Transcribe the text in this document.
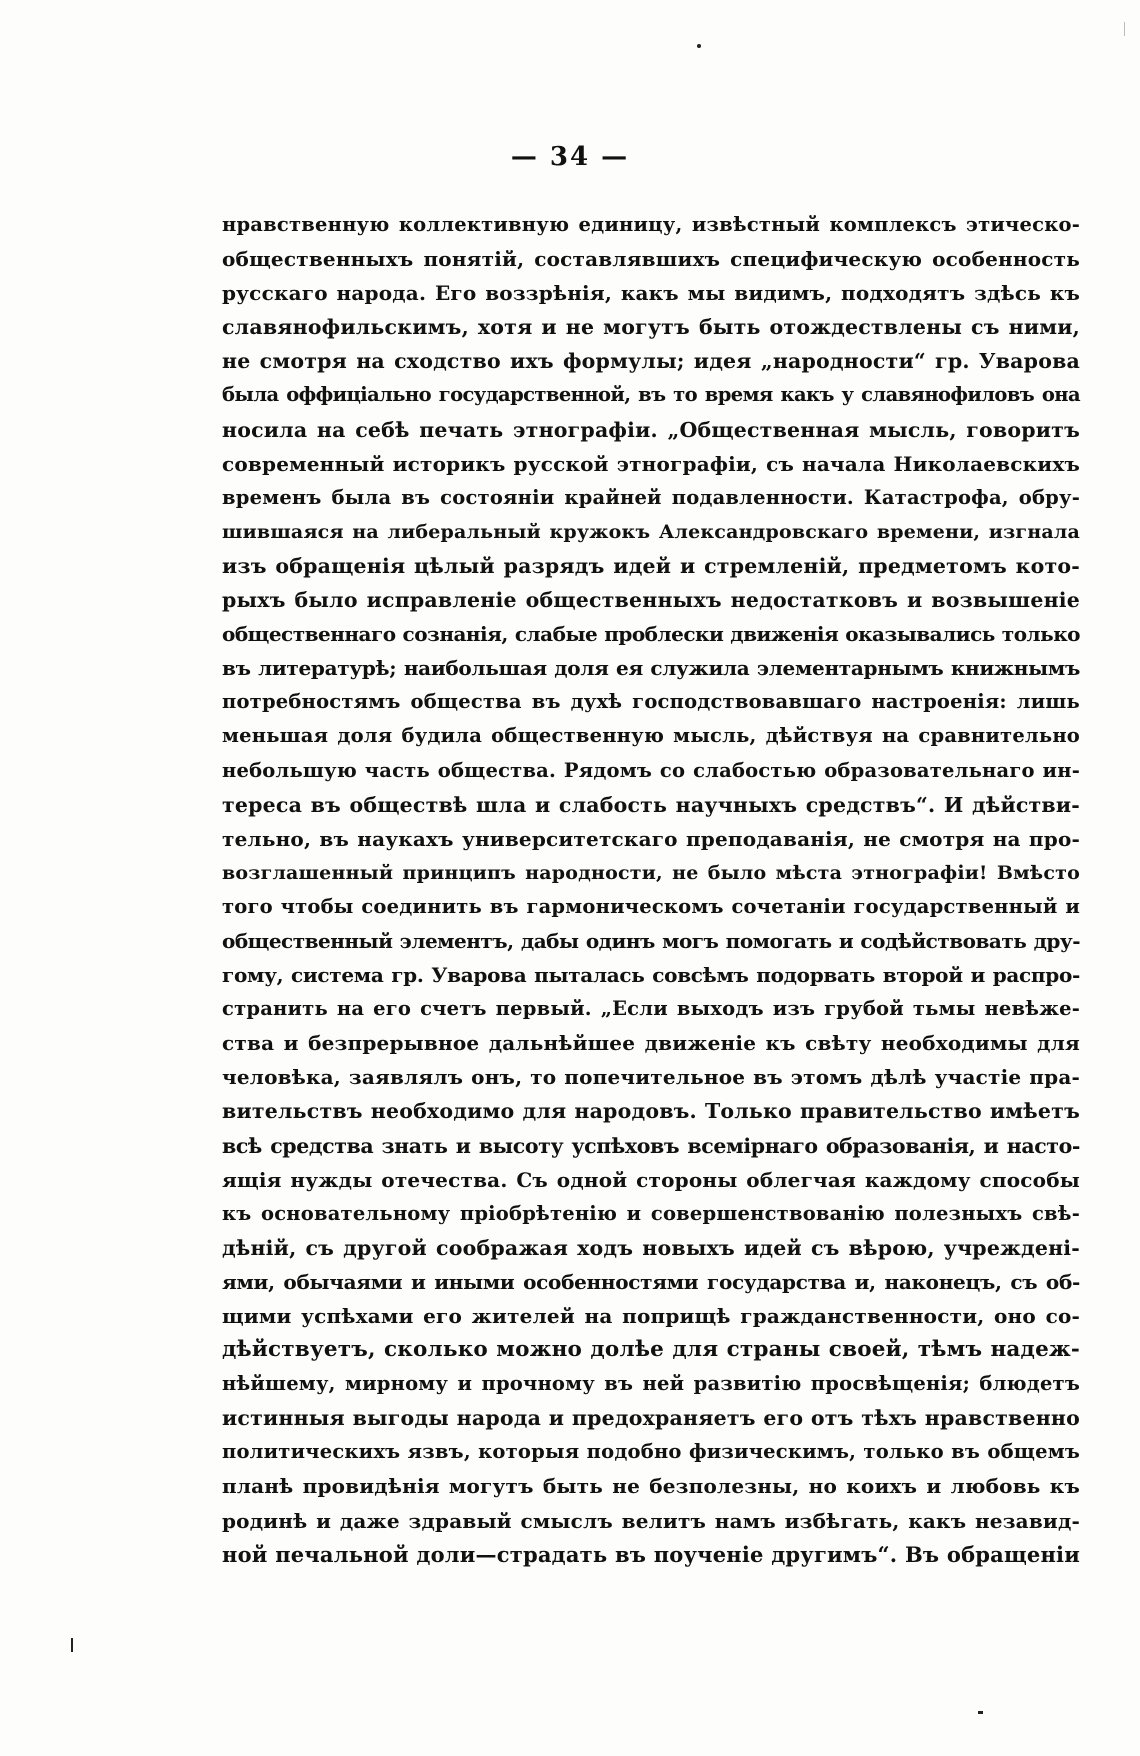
— 34 —
нравственную коллективную единицу, извѣстный комплексъ этическо-
общественныхъ понятій, составлявшихъ специфическую особенность
русскаго народа. Его воззрѣнія, какъ мы видимъ, подходятъ здѣсь къ
славянофильскимъ, хотя и не могутъ быть отождествлены съ ними,
не смотря на сходство ихъ формулы; идея „народности“ гр. Уварова
была оффиціально государственной, въ то время какъ у славянофиловъ она
носила на себѣ печать этнографіи. „Общественная мысль, говоритъ
современный историкъ русской этнографіи, съ начала Николаевскихъ
временъ была въ состояніи крайней подавленности. Катастрофа, обру-
шившаяся на либеральный кружокъ Александровскаго времени, изгнала
изъ обращенія цѣлый разрядъ идей и стремленій, предметомъ кото-
рыхъ было исправленіе общественныхъ недостатковъ и возвышеніе
общественнаго сознанія, слабые проблески движенія оказывались только
въ литературѣ; наибольшая доля ея служила элементарнымъ книжнымъ
потребностямъ общества въ духѣ господствовавшаго настроенія: лишь
меньшая доля будила общественную мысль, дѣйствуя на сравнительно
небольшую часть общества. Рядомъ со слабостью образовательнаго ин-
тереса въ обществѣ шла и слабость научныхъ средствъ“. И дѣйстви-
тельно, въ наукахъ университетскаго преподаванія, не смотря на про-
возглашенный принципъ народности, не было мѣста этнографіи! Вмѣсто
того чтобы соединить въ гармоническомъ сочетаніи государственный и
общественный элементъ, дабы одинъ могъ помогать и содѣйствовать дру-
гому, система гр. Уварова пыталась совсѣмъ подорвать второй и распро-
странить на его счетъ первый. „Если выходъ изъ грубой тьмы невѣже-
ства и безпрерывное дальнѣйшее движеніе къ свѣту необходимы для
человѣка, заявлялъ онъ, то попечительное въ этомъ дѣлѣ участіе пра-
вительствъ необходимо для народовъ. Только правительство имѣетъ
всѣ средства знать и высоту успѣховъ всемірнаго образованія, и насто-
ящія нужды отечества. Съ одной стороны облегчая каждому способы
къ основательному пріобрѣтенію и совершенствованію полезныхъ свѣ-
дѣній, съ другой соображая ходъ новыхъ идей съ вѣрою, учреждені-
ями, обычаями и иными особенностями государства и, наконецъ, съ об-
щими успѣхами его жителей на поприщѣ гражданственности, оно со-
дѣйствуетъ, сколько можно долѣе для страны своей, тѣмъ надеж-
нѣйшему, мирному и прочному въ ней развитію просвѣщенія; блюдетъ
истинныя выгоды народа и предохраняетъ его отъ тѣхъ нравственно
политическихъ язвъ, которыя подобно физическимъ, только въ общемъ
планѣ провидѣнія могутъ быть не безполезны, но коихъ и любовь къ
родинѣ и даже здравый смыслъ велитъ намъ избѣгать, какъ незавид-
ной печальной доли—страдать въ поученіе другимъ“. Въ обращеніи
